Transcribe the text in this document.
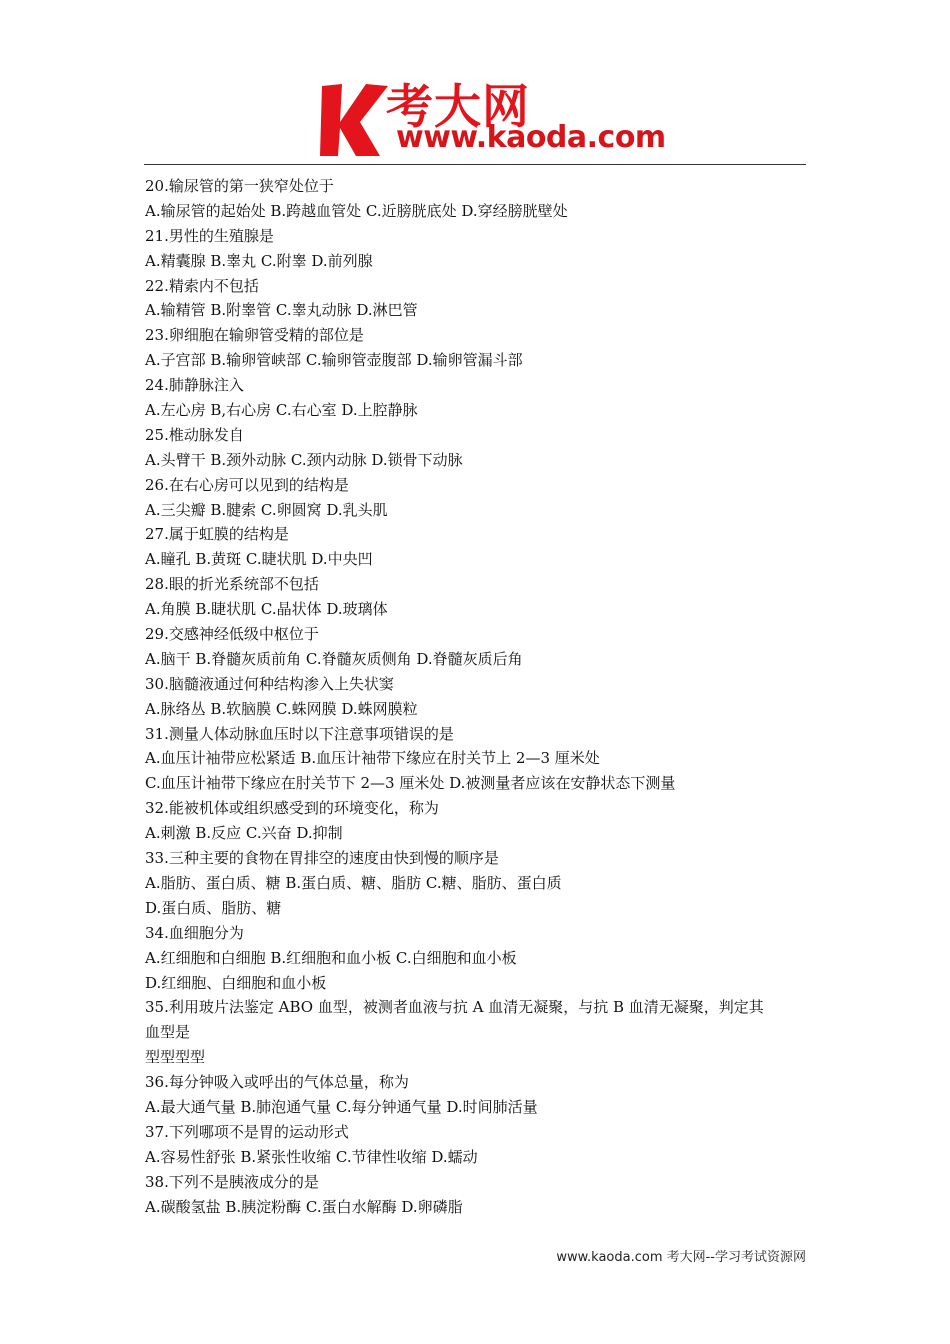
考大网
www.kaoda.com
20.输尿管的第一狭窄处位于
A.输尿管的起始处 B.跨越血管处 C.近膀胱底处 D.穿经膀胱壁处
21.男性的生殖腺是
A.精囊腺 B.睾丸 C.附睾 D.前列腺
22.精索内不包括
A.输精管 B.附睾管 C.睾丸动脉 D.淋巴管
23.卵细胞在输卵管受精的部位是
A.子宫部 B.输卵管峡部 C.输卵管壶腹部 D.输卵管漏斗部
24.肺静脉注入
A.左心房 B,右心房 C.右心室 D.上腔静脉
25.椎动脉发自
A.头臂干 B.颈外动脉 C.颈内动脉 D.锁骨下动脉
26.在右心房可以见到的结构是
A.三尖瓣 B.腱索 C.卵圆窝 D.乳头肌
27.属于虹膜的结构是
A.瞳孔 B.黄斑 C.睫状肌 D.中央凹
28.眼的折光系统部不包括
A.角膜 B.睫状肌 C.晶状体 D.玻璃体
29.交感神经低级中枢位于
A.脑干 B.脊髓灰质前角 C.脊髓灰质侧角 D.脊髓灰质后角
30.脑髓液通过何种结构渗入上失状窦
A.脉络丛 B.软脑膜 C.蛛网膜 D.蛛网膜粒
31.测量人体动脉血压时以下注意事项错误的是
A.血压计袖带应松紧适 B.血压计袖带下缘应在肘关节上 2—3 厘米处
C.血压计袖带下缘应在肘关节下 2—3 厘米处 D.被测量者应该在安静状态下测量
32.能被机体或组织感受到的环境变化，称为
A.刺激 B.反应 C.兴奋 D.抑制
33.三种主要的食物在胃排空的速度由快到慢的顺序是
A.脂肪、蛋白质、糖 B.蛋白质、糖、脂肪 C.糖、脂肪、蛋白质
D.蛋白质、脂肪、糖
34.血细胞分为
A.红细胞和白细胞 B.红细胞和血小板 C.白细胞和血小板
D.红细胞、白细胞和血小板
35.利用玻片法鉴定 ABO 血型，被测者血液与抗 A 血清无凝聚，与抗 B 血清无凝聚，判定其
血型是
型型型型
36.每分钟吸入或呼出的气体总量，称为
A.最大通气量 B.肺泡通气量 C.每分钟通气量 D.时间肺活量
37.下列哪项不是胃的运动形式
A.容易性舒张 B.紧张性收缩 C.节律性收缩 D.蠕动
38.下列不是胰液成分的是
A.碳酸氢盐 B.胰淀粉酶 C.蛋白水解酶 D.卵磷脂
www.kaoda.com 考大网--学习考试资源网
